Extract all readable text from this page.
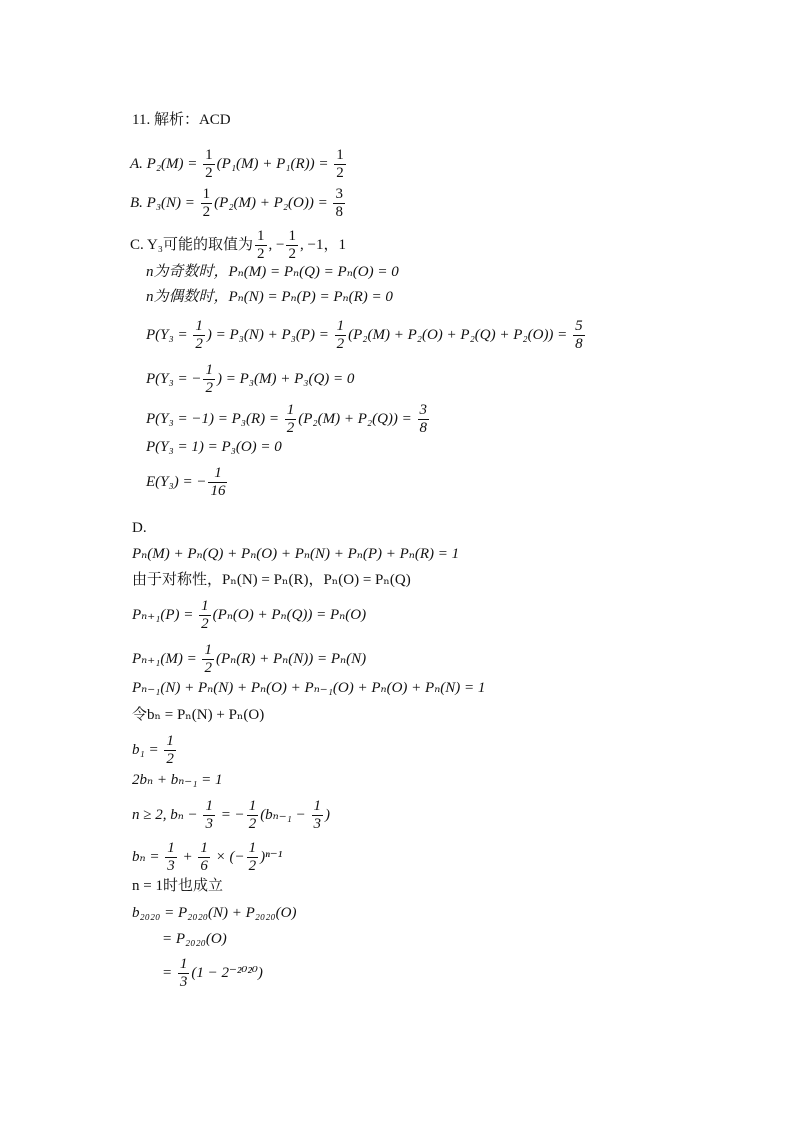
11. 解析：ACD
A. $P_2(M) = \frac{1}{2} (P_1(M) + P_1(R)) = \frac{1}{2}$
B. $P_3(N) = \frac{1}{2} (P_2(M) + P_2(O)) = \frac{3}{8}$
C. Y₃可能的取值为 $\frac{1}{2}$ , − $\frac{1}{2}$ , −1，1
n为奇数时，Pₙ(M) = Pₙ(Q) = Pₙ(O) = 0
n为偶数时，Pₙ(N) = Pₙ(P) = Pₙ(R) = 0
$P(Y_3 = \frac{1}{2}$ ) = $P_3(N) + P_3(P) = \frac{1}{2} (P_2(M) + P_2(O) + P_2(Q) + P_2(O)) = \frac{5}{8}$
P(Y₃ = − $\frac{1}{2}$ ) = P₃(M) + P₃(Q) = 0
$P(Y_3 = -1) = P_3(R) = \frac{1}{2} (P_2(M) + P_2(Q)) = \frac{3}{8}$
P(Y₃ = 1) = P₃(O) = 0
E(Y₃) = − $\frac{1}{16}$
D.
Pₙ(M) + Pₙ(Q) + Pₙ(O) + Pₙ(N) + Pₙ(P) + Pₙ(R) = 1
由于对称性，Pₙ(N) = Pₙ(R)，Pₙ(O) = Pₙ(Q)
$P_{n+1}(P) = \frac{1}{2} (P_n(O) + P_n(Q)) = P_n(O)$
$P_{n+1}(M) = \frac{1}{2} (P_n(R) + P_n(N)) = P_n(N)$
Pₙ₋₁(N) + Pₙ(N) + Pₙ(O) + Pₙ₋₁(O) + Pₙ(O) + Pₙ(N) = 1
令bₙ = Pₙ(N) + Pₙ(O)
$b_1 = \frac{1}{2}$
2bₙ + bₙ₋₁ = 1
n ≥ 2, $b_n - \frac{1}{3}$ = − $\frac{1}{2} (b_{n-1} - \frac{1}{3}$ )
$b_n = \frac{1}{3} + \frac{1}{6}$ × (− $\frac{1}{2} )^{n-1}$
n = 1时也成立
b₂₀₂₀ = P₂₀₂₀(N) + P₂₀₂₀(O)
= P₂₀₂₀(O)
= $\frac{1}{3} (1 - 2^{-2020})$
